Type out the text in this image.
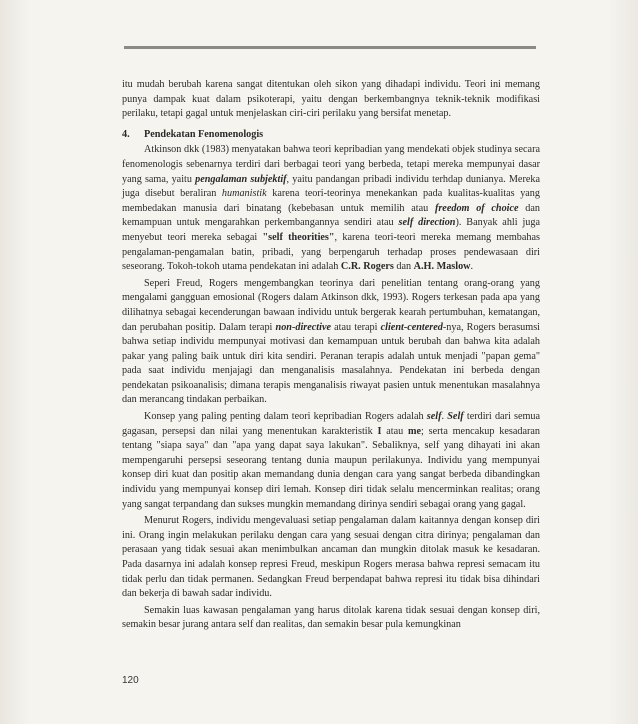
itu mudah berubah karena sangat ditentukan oleh sikon yang dihadapi individu. Teori ini memang punya dampak kuat dalam psikoterapi, yaitu dengan berkembangnya teknik-teknik modifikasi perilaku, tetapi gagal untuk menjelaskan ciri-ciri perilaku yang bersifat menetap.

4. Pendekatan Fenomenologis

Atkinson dkk (1983) menyatakan bahwa teori kepribadian yang mendekati objek studinya secara fenomenologis sebenarnya terdiri dari berbagai teori yang berbeda, tetapi mereka mempunyai dasar yang sama, yaitu pengalaman subjektif, yaitu pandangan pribadi individu terhdap dunianya. Mereka juga disebut beraliran humanistik karena teori-teorinya menekankan pada kualitas-kualitas yang membedakan manusia dari binatang (kebebasan untuk memilih atau freedom of choice dan kemampuan untuk mengarahkan perkembangannya sendiri atau self direction). Banyak ahli juga menyebut teori mereka sebagai "self theorities", karena teori-teori mereka memang membahas pengalaman-pengamalan batin, pribadi, yang berpengaruh terhadap proses pendewasaan diri seseorang. Tokoh-tokoh utama pendekatan ini adalah C.R. Rogers dan A.H. Maslow.

Seperi Freud, Rogers mengembangkan teorinya dari penelitian tentang orang-orang yang mengalami gangguan emosional (Rogers dalam Atkinson dkk, 1993). Rogers terkesan pada apa yang dilihatnya sebagai kecenderungan bawaan individu untuk bergerak kearah pertumbuhan, kematangan, dan perubahan positip. Dalam terapi non-directive atau terapi client-centered-nya, Rogers berasumsi bahwa setiap individu mempunyai motivasi dan kemampuan untuk berubah dan bahwa kita adalah pakar yang paling baik untuk diri kita sendiri. Peranan terapis adalah untuk menjadi "papan gema" pada saat individu menjajagi dan menganalisis masalahnya. Pendekatan ini berbeda dengan pendekatan psikoanalisis; dimana terapis menganalisis riwayat pasien untuk menentukan masalahnya dan merancang tindakan perbaikan.

Konsep yang paling penting dalam teori kepribadian Rogers adalah self. Self terdiri dari semua gagasan, persepsi dan nilai yang menentukan karakteristik I atau me; serta mencakup kesadaran tentang "siapa saya" dan "apa yang dapat saya lakukan". Sebaliknya, self yang dihayati ini akan mempengaruhi persepsi seseorang tentang dunia maupun perilakunya. Individu yang mempunyai konsep diri kuat dan positip akan memandang dunia dengan cara yang sangat berbeda dibandingkan individu yang mempunyai konsep diri lemah. Konsep diri tidak selalu mencerminkan realitas; orang yang sangat terpandang dan sukses mungkin memandang dirinya sendiri sebagai orang yang gagal.

Menurut Rogers, individu mengevaluasi setiap pengalaman dalam kaitannya dengan konsep diri ini. Orang ingin melakukan perilaku dengan cara yang sesuai dengan citra dirinya; pengalaman dan perasaan yang tidak sesuai akan menimbulkan ancaman dan mungkin ditolak masuk ke kesadaran. Pada dasarnya ini adalah konsep represi Freud, meskipun Rogers merasa bahwa represi semacam itu tidak perlu dan tidak permanen. Sedangkan Freud berpendapat bahwa represi itu tidak bisa dihindari dan bekerja di bawah sadar individu.

Semakin luas kawasan pengalaman yang harus ditolak karena tidak sesuai dengan konsep diri, semakin besar jurang antara self dan realitas, dan semakin besar pula kemungkinan

120
